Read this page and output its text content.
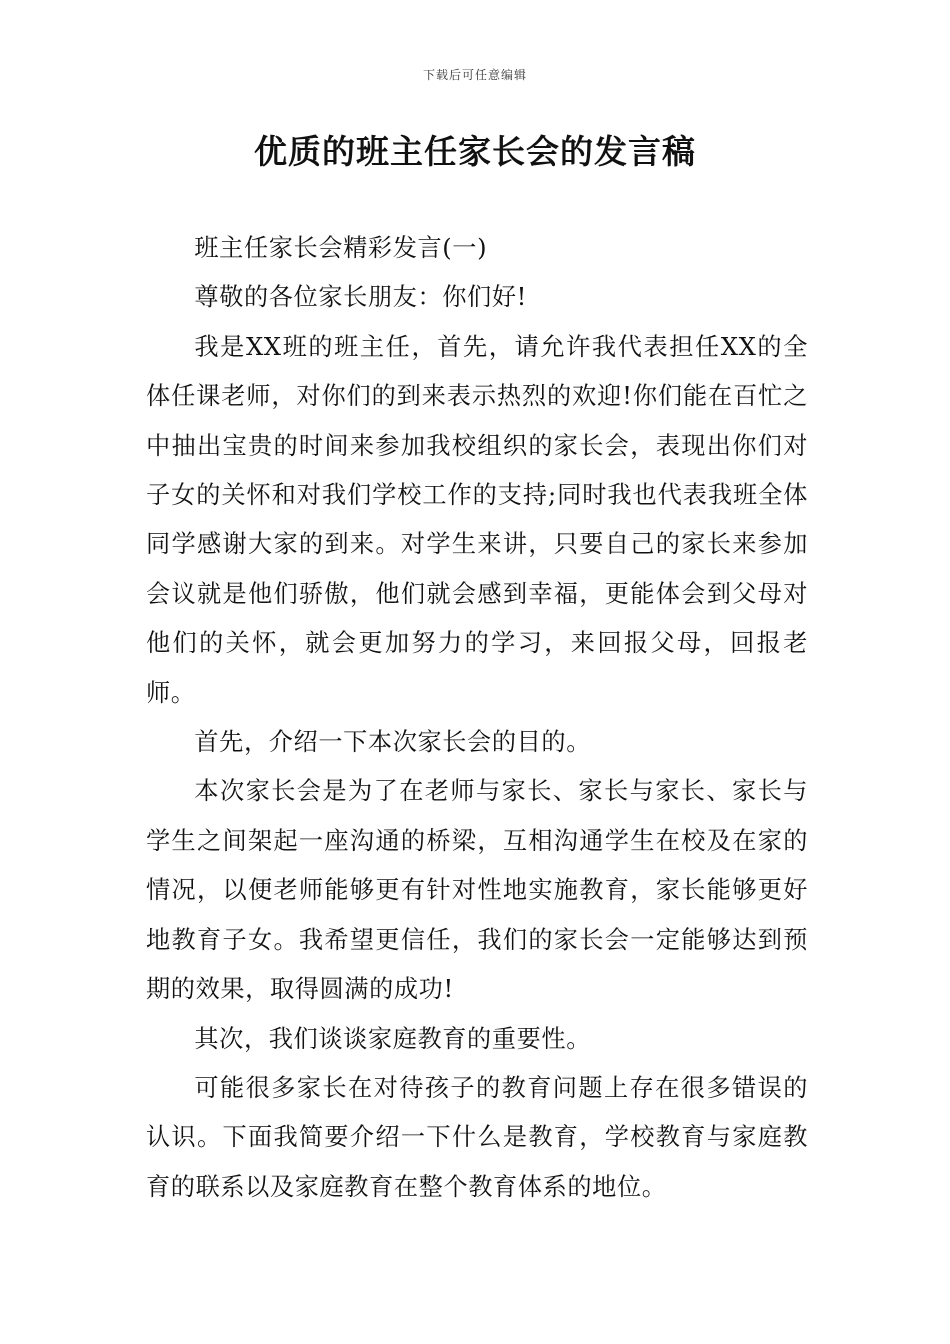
下载后可任意编辑
优质的班主任家长会的发言稿

班主任家长会精彩发言(一)

尊敬的各位家长朋友：你们好!

我是XX班的班主任，首先，请允许我代表担任XX的全体任课老师，对你们的到来表示热烈的欢迎!你们能在百忙之中抽出宝贵的时间来参加我校组织的家长会，表现出你们对子女的关怀和对我们学校工作的支持;同时我也代表我班全体同学感谢大家的到来。对学生来讲，只要自己的家长来参加会议就是他们骄傲，他们就会感到幸福，更能体会到父母对他们的关怀，就会更加努力的学习，来回报父母，回报老师。

首先，介绍一下本次家长会的目的。

本次家长会是为了在老师与家长、家长与家长、家长与学生之间架起一座沟通的桥梁，互相沟通学生在校及在家的情况，以便老师能够更有针对性地实施教育，家长能够更好地教育子女。我希望更信任，我们的家长会一定能够达到预期的效果，取得圆满的成功!

其次，我们谈谈家庭教育的重要性。

可能很多家长在对待孩子的教育问题上存在很多错误的认识。下面我简要介绍一下什么是教育，学校教育与家庭教育的联系以及家庭教育在整个教育体系的地位。
